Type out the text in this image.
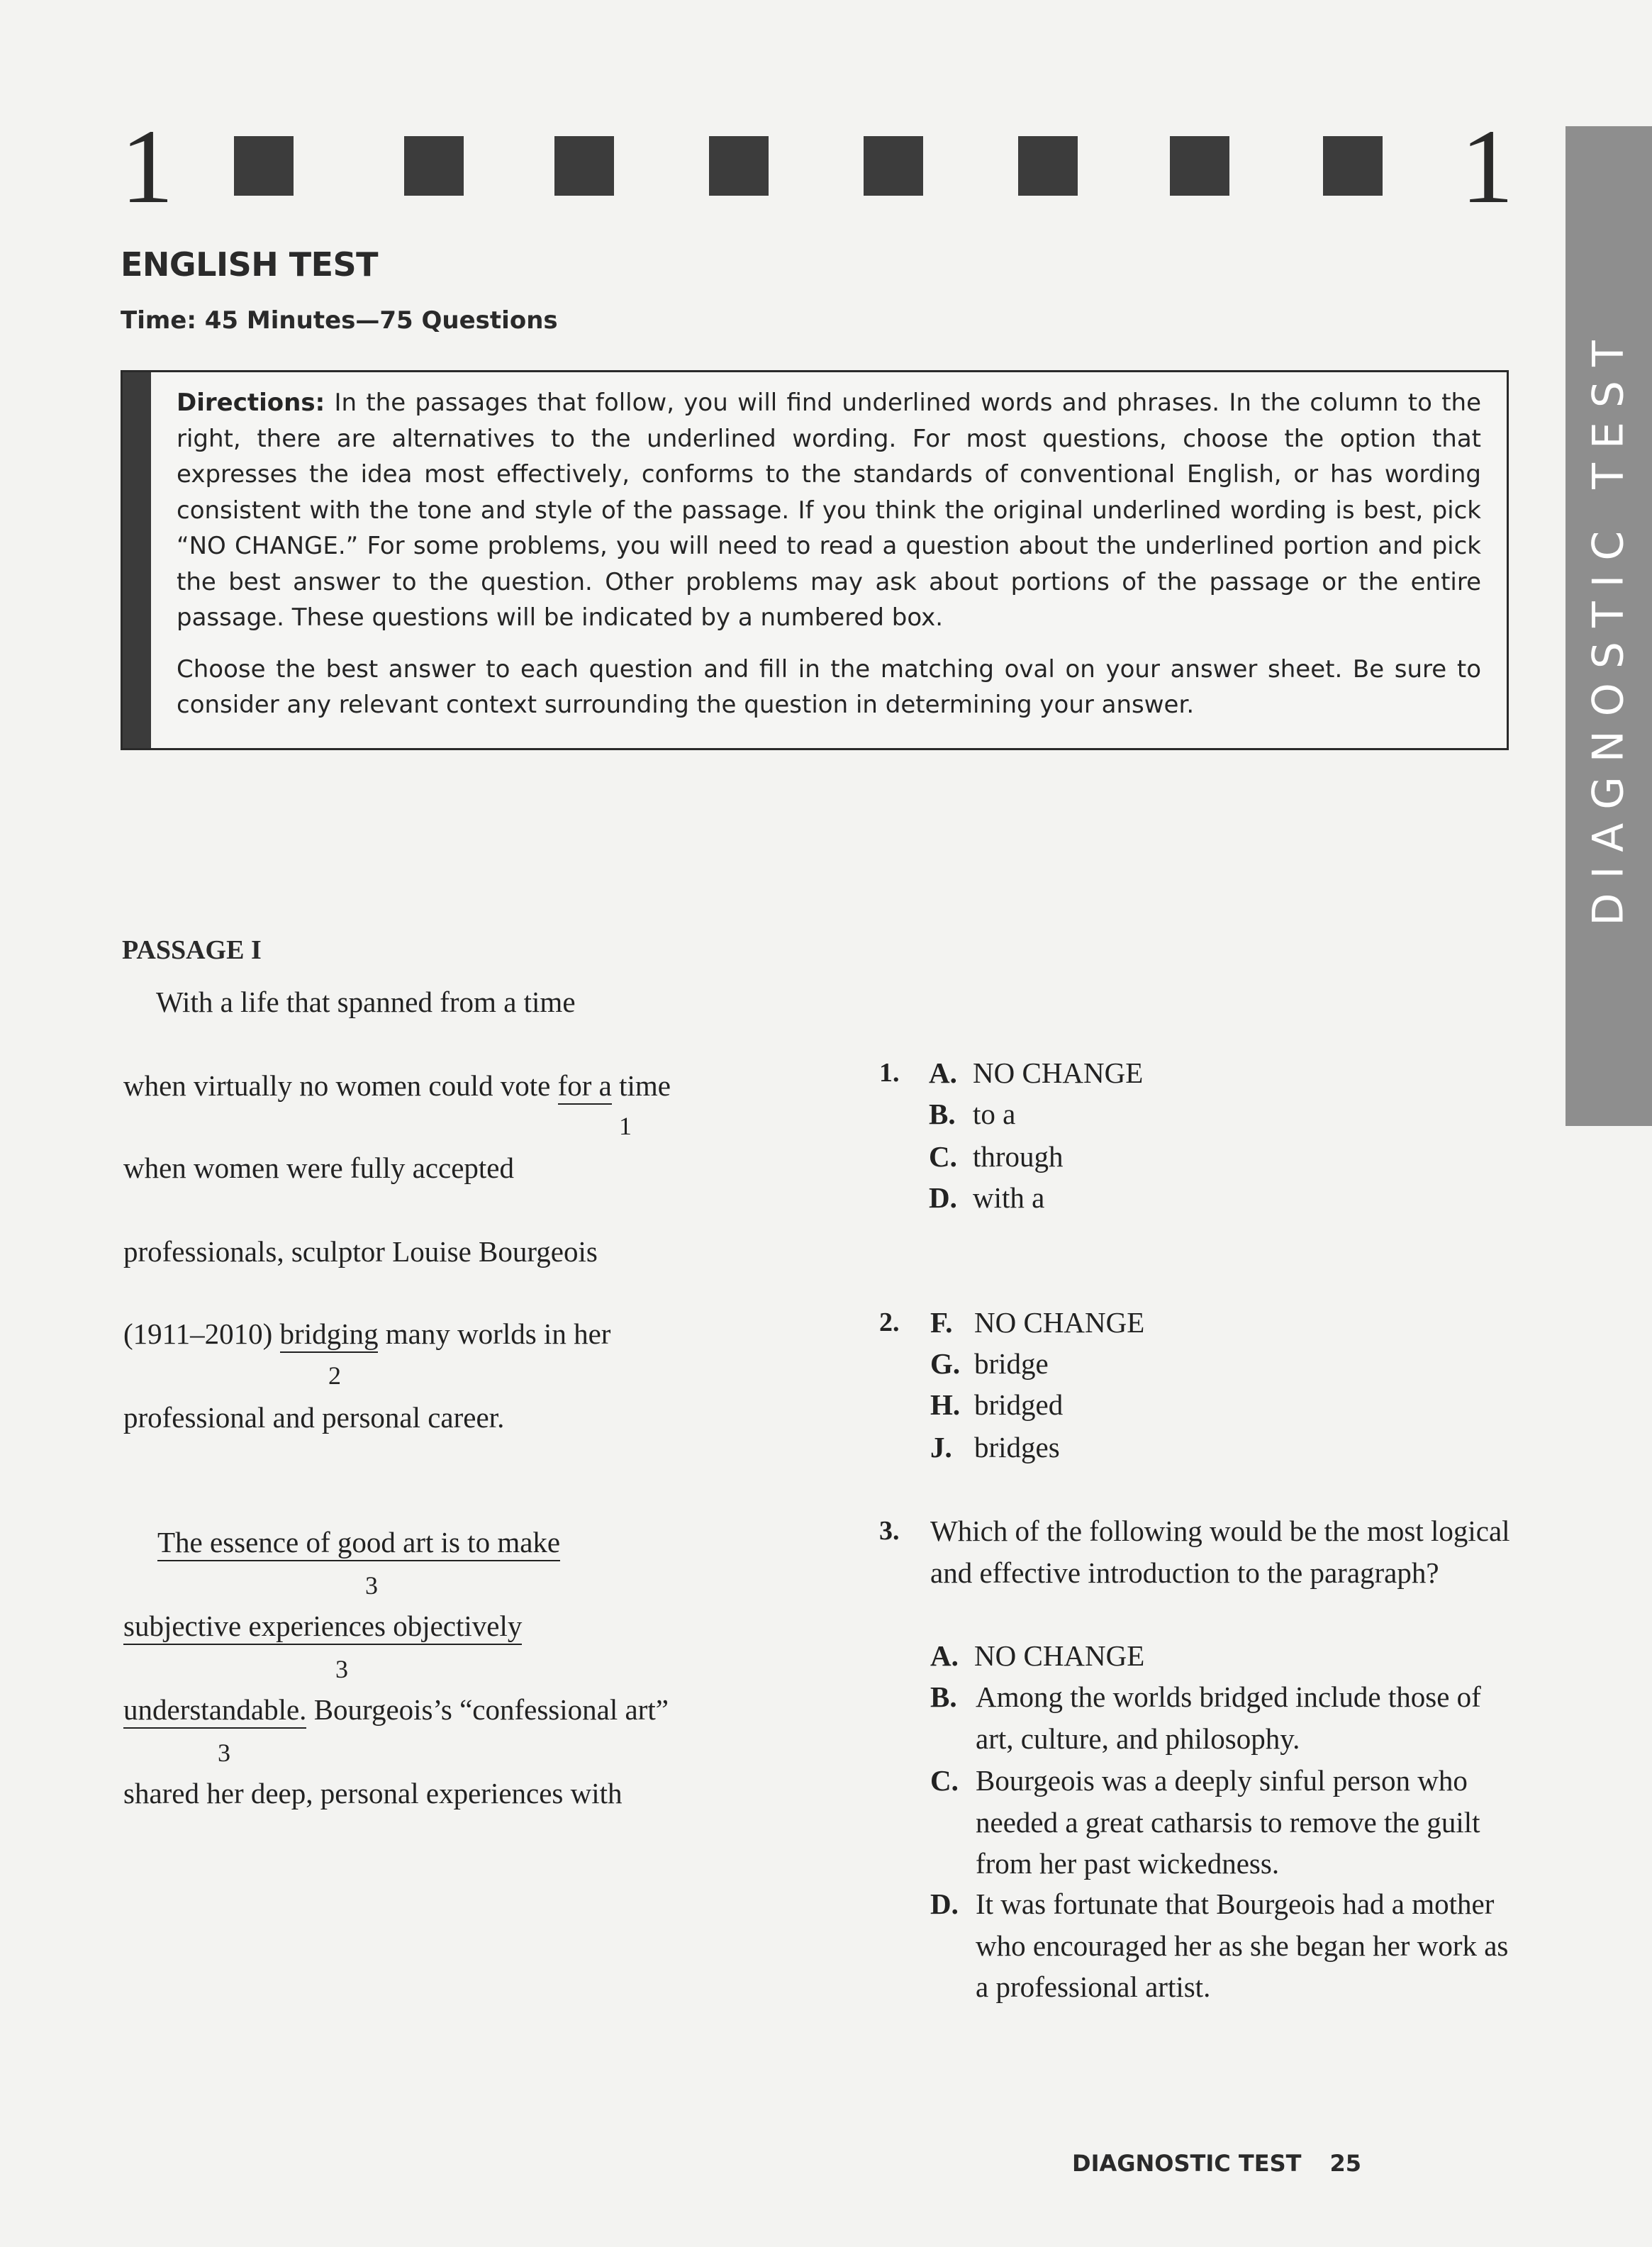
1	1
DIAGNOSTIC TEST
ENGLISH TEST
Time: 45 Minutes—75 Questions

Directions: In the passages that follow, you will find underlined words and phrases. In the column to the right, there are alternatives to the underlined wording. For most questions, choose the option that expresses the idea most effectively, conforms to the standards of conventional English, or has wording consistent with the tone and style of the passage. If you think the original underlined wording is best, pick “NO CHANGE.” For some problems, you will need to read a question about the underlined portion and pick the best answer to the question. Other problems may ask about portions of the passage or the entire passage. These questions will be indicated by a numbered box.

Choose the best answer to each question and fill in the matching oval on your answer sheet. Be sure to consider any relevant context surrounding the question in determining your answer.

PASSAGE I
With a life that spanned from a time
when virtually no women could vote for a time
1
when women were fully accepted
professionals, sculptor Louise Bourgeois
(1911–2010) bridging many worlds in her
2
professional and personal career.
The essence of good art is to make
3
subjective experiences objectively
3
understandable. Bourgeois’s “confessional art”
3
shared her deep, personal experiences with
1. A. NO CHANGE
B. to a
C. through
D. with a
2. F. NO CHANGE
G. bridge
H. bridged
J. bridges
3. Which of the following would be the most logical and effective introduction to the paragraph?
A. NO CHANGE
B. Among the worlds bridged include those of art, culture, and philosophy.
C. Bourgeois was a deeply sinful person who needed a great catharsis to remove the guilt from her past wickedness.
D. It was fortunate that Bourgeois had a mother who encouraged her as she began her work as a professional artist.
DIAGNOSTIC TEST 25
